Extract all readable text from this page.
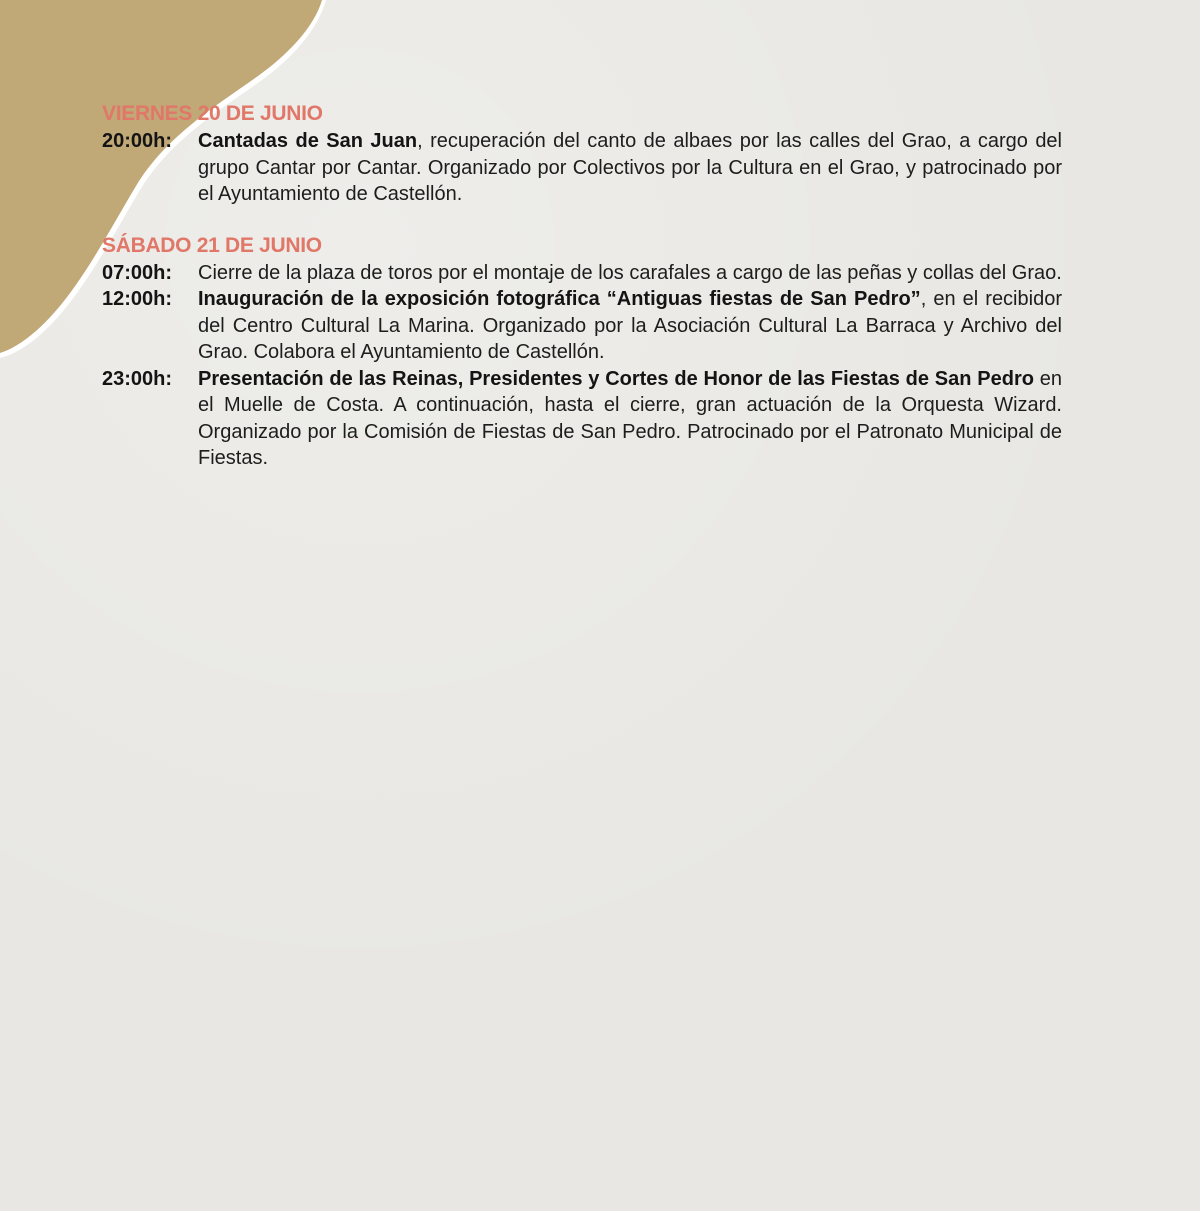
VIERNES 20 DE JUNIO
20:00h:	Cantadas de San Juan, recuperación del canto de albaes por las calles del Grao, a cargo del grupo Cantar por Cantar. Organizado por Colectivos por la Cultura en el Grao, y patrocinado por el Ayuntamiento de Castellón.
SÁBADO 21 DE JUNIO
07:00h:	Cierre de la plaza de toros por el montaje de los carafales a cargo de las peñas y collas del Grao.
12:00h:	Inauguración de la exposición fotográfica “Antiguas fiestas de San Pedro”, en el recibidor del Centro Cultural La Marina. Organizado por la Asociación Cultural La Barraca y Archivo del Grao. Colabora el Ayuntamiento de Castellón.
23:00h:	Presentación de las Reinas, Presidentes y Cortes de Honor de las Fiestas de San Pedro en el Muelle de Costa. A continuación, hasta el cierre, gran actuación de la Orquesta Wizard. Organizado por la Comisión de Fiestas de San Pedro. Patrocinado por el Patronato Municipal de Fiestas.
